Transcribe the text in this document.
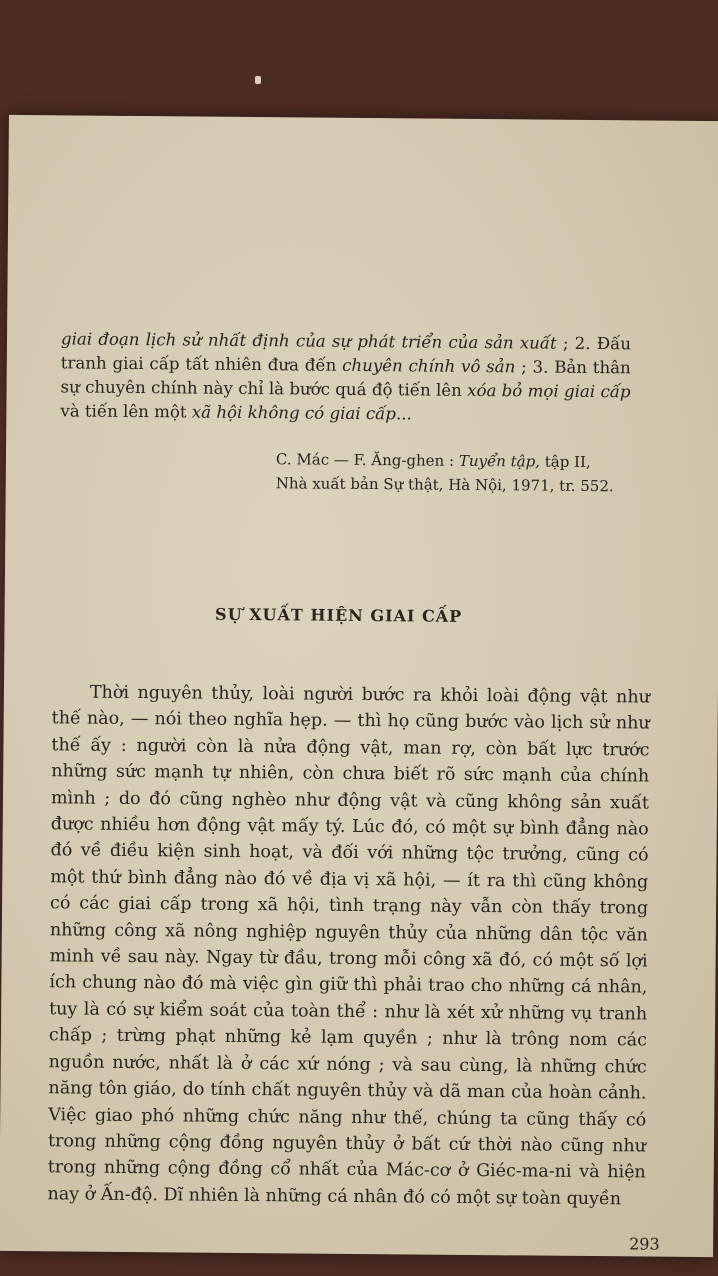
giai đoạn lịch sử nhất định của sự phát triển của sản xuất ; 2. Đấu tranh giai cấp tất nhiên đưa đến chuyên chính vô sản ; 3. Bản thân sự chuyên chính này chỉ là bước quá độ tiến lên xóa bỏ mọi giai cấp và tiến lên một xã hội không có giai cấp...

C. Mác — F. Ăng-ghen : Tuyển tập, tập II,
Nhà xuất bản Sự thật, Hà Nội, 1971, tr. 552.
SỰ XUẤT HIỆN GIAI CẤP

Thời nguyên thủy, loài người bước ra khỏi loài động vật như thế nào, — nói theo nghĩa hẹp. — thì họ cũng bước vào lịch sử như thế ấy : người còn là nửa động vật, man rợ, còn bất lực trước những sức mạnh tự nhiên, còn chưa biết rõ sức mạnh của chính mình ; do đó cũng nghèo như động vật và cũng không sản xuất được nhiều hơn động vật mấy tý. Lúc đó, có một sự bình đẳng nào đó về điều kiện sinh hoạt, và đối với những tộc trưởng, cũng có một thứ bình đẳng nào đó về địa vị xã hội, — ít ra thì cũng không có các giai cấp trong xã hội, tình trạng này vẫn còn thấy trong những công xã nông nghiệp nguyên thủy của những dân tộc văn minh về sau này. Ngay từ đầu, trong mỗi công xã đó, có một số lợi ích chung nào đó mà việc gìn giữ thì phải trao cho những cá nhân, tuy là có sự kiểm soát của toàn thể : như là xét xử những vụ tranh chấp ; trừng phạt những kẻ lạm quyền ; như là trông nom các nguồn nước, nhất là ở các xứ nóng ; và sau cùng, là những chức năng tôn giáo, do tính chất nguyên thủy và dã man của hoàn cảnh. Việc giao phó những chức năng như thế, chúng ta cũng thấy có trong những cộng đồng nguyên thủy ở bất cứ thời nào cũng như trong những cộng đồng cổ nhất của Mác-cơ ở Giéc-ma-ni và hiện nay ở Ấn-độ. Dĩ nhiên là những cá nhân đó có một sự toàn quyền

293
